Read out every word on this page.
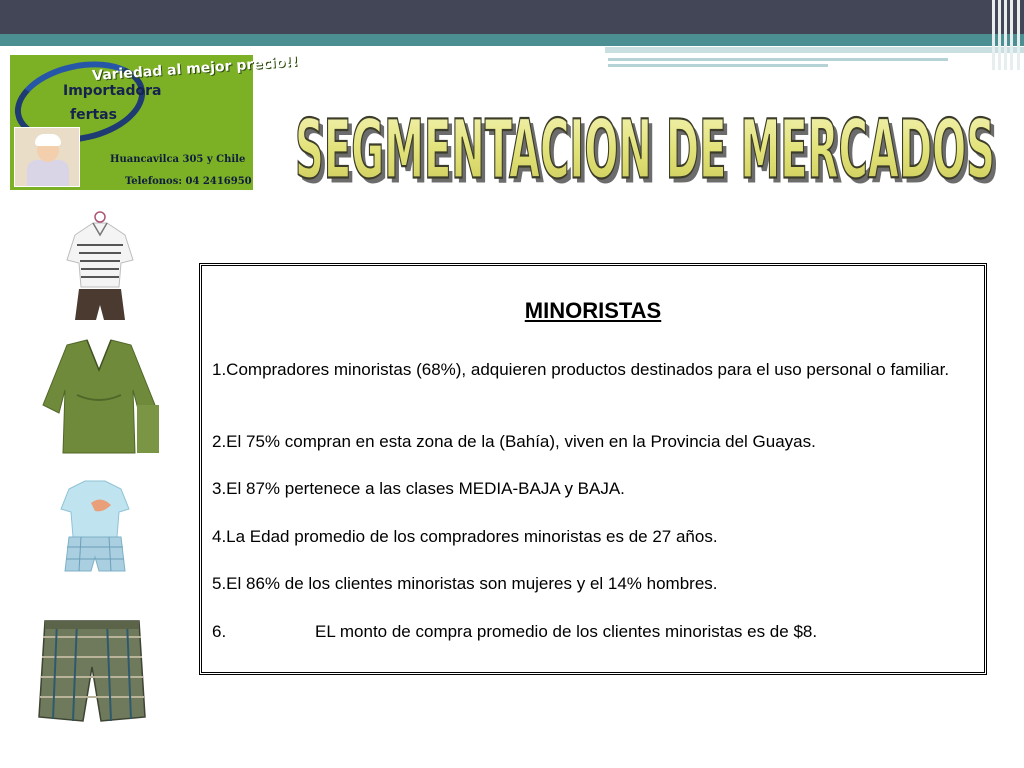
Variedad al mejor precio!!
Importadora
fertas
Huancavilca 305 y Chile
Telefonos: 04 2416950 SEGMENTACION DE MERCADOS
SEGMENTACION DE MERCADOS
MINORISTAS
1.Compradores minoristas (68%), adquieren productos destinados para el uso personal o familiar.
2.El 75% compran en esta zona de la (Bahía), viven en la Provincia del Guayas.
3.El 87% pertenece a las clases MEDIA-BAJA y BAJA.
4.La Edad promedio de los compradores minoristas es de 27 años.
5.El 86% de los clientes minoristas son mujeres y el 14% hombres.
6.	EL monto de compra promedio de los clientes minoristas es de $8.
